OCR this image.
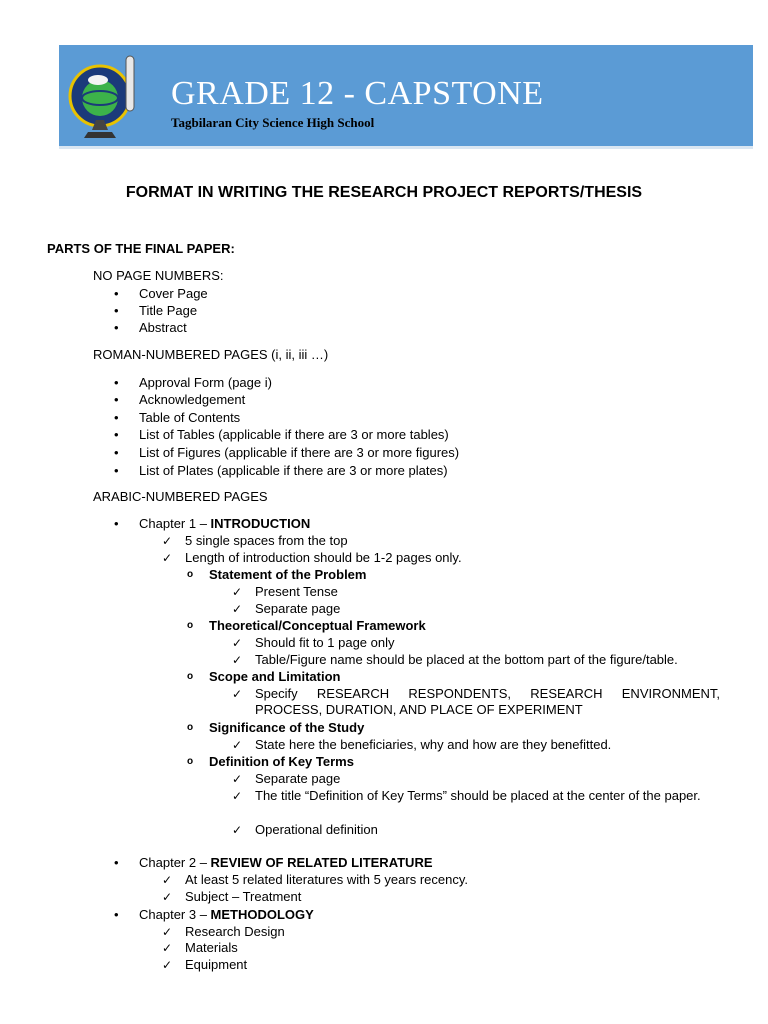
GRADE 12 - CAPSTONE
Tagbilaran City Science High School
FORMAT IN WRITING THE RESEARCH PROJECT REPORTS/THESIS
PARTS OF THE FINAL PAPER:
NO PAGE NUMBERS:
• Cover Page
• Title Page
• Abstract
ROMAN-NUMBERED PAGES (i, ii, iii …)
• Approval Form (page i)
• Acknowledgement
• Table of Contents
• List of Tables (applicable if there are 3 or more tables)
• List of Figures (applicable if there are 3 or more figures)
• List of Plates (applicable if there are 3 or more plates)
ARABIC-NUMBERED PAGES
• Chapter 1 – INTRODUCTION
✓ 5 single spaces from the top
✓ Length of introduction should be 1-2 pages only.
o Statement of the Problem
✓ Present Tense
✓ Separate page
o Theoretical/Conceptual Framework
✓ Should fit to 1 page only
✓ Table/Figure name should be placed at the bottom part of the figure/table.
o Scope and Limitation
✓ Specify RESEARCH RESPONDENTS, RESEARCH ENVIRONMENT, PROCESS, DURATION, AND PLACE OF EXPERIMENT
o Significance of the Study
✓ State here the beneficiaries, why and how are they benefitted.
o Definition of Key Terms
✓ Separate page
✓ The title “Definition of Key Terms” should be placed at the center of the paper.
✓ Operational definition
• Chapter 2 – REVIEW OF RELATED LITERATURE
✓ At least 5 related literatures with 5 years recency.
✓ Subject – Treatment
• Chapter 3 – METHODOLOGY
✓ Research Design
✓ Materials
✓ Equipment
